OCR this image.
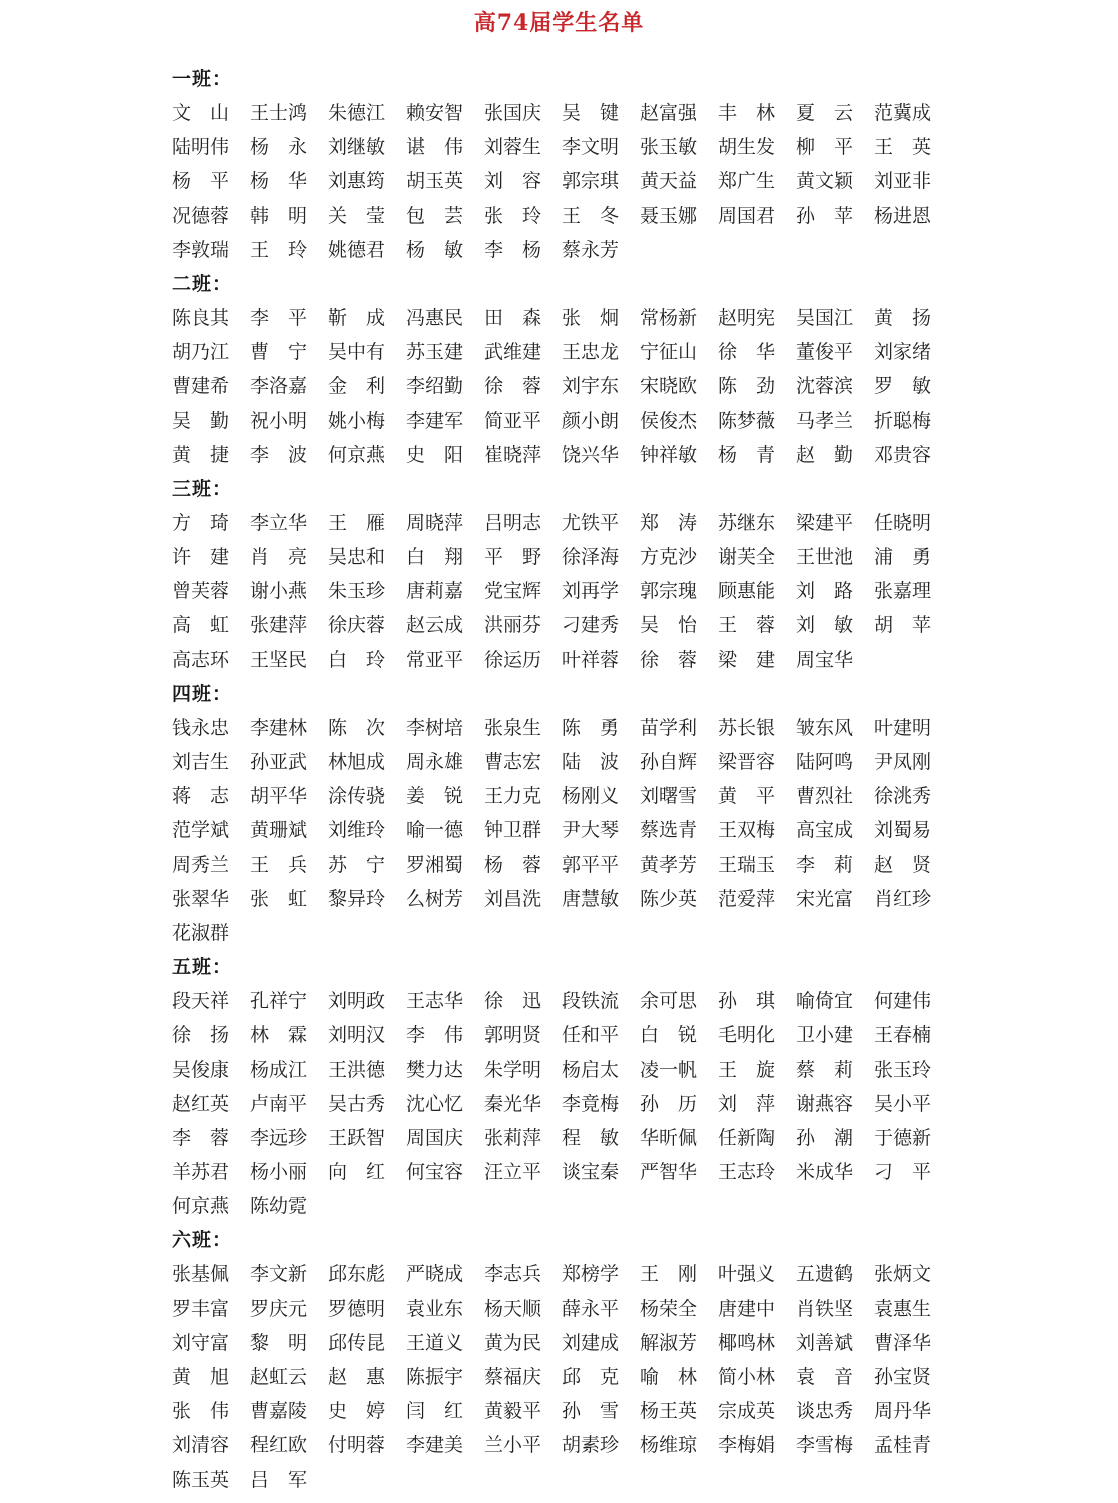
高74届学生名单
一班：
文 山	王士鸿	朱德江	赖安智	张国庆	吴 键	赵富强	丰 林	夏 云	范冀成
陆明伟	杨 永	刘继敏	谌 伟	刘蓉生	李文明	张玉敏	胡生发	柳 平	王 英
杨 平	杨 华	刘惠筠	胡玉英	刘 容	郭宗琪	黄天益	郑广生	黄文颖	刘亚非
况德蓉	韩 明	关 莹	包 芸	张 玲	王 冬	聂玉娜	周国君	孙 苹	杨进恩
李敦瑞	王 玲	姚德君	杨 敏	李 杨	蔡永芳
二班：
陈良其	李 平	靳 成	冯惠民	田 森	张 炯	常杨新	赵明宪	吴国江	黄 扬
胡乃江	曹 宁	吴中有	苏玉建	武维建	王忠龙	宁征山	徐 华	董俊平	刘家绪
曹建希	李洛嘉	金 利	李绍勤	徐 蓉	刘宇东	宋晓欧	陈 劲	沈蓉滨	罗 敏
吴 勤	祝小明	姚小梅	李建军	简亚平	颜小朗	侯俊杰	陈梦薇	马孝兰	折聪梅
黄 捷	李 波	何京燕	史 阳	崔晓萍	饶兴华	钟祥敏	杨 青	赵 勤	邓贵容
三班：
方 琦	李立华	王 雁	周晓萍	吕明志	尤铁平	郑 涛	苏继东	梁建平	任晓明
许 建	肖 亮	吴忠和	白 翔	平 野	徐泽海	方克沙	谢芙全	王世池	浦 勇
曾芙蓉	谢小燕	朱玉珍	唐莉嘉	党宝辉	刘再学	郭宗瑰	顾惠能	刘 路	张嘉理
高 虹	张建萍	徐庆蓉	赵云成	洪丽芬	刁建秀	吴 怡	王 蓉	刘 敏	胡 苹
高志环	王坚民	白 玲	常亚平	徐运历	叶祥蓉	徐 蓉	梁 建	周宝华
四班：
钱永忠	李建林	陈 次	李树培	张泉生	陈 勇	苗学利	苏长银	皱东风	叶建明
刘吉生	孙亚武	林旭成	周永雄	曹志宏	陆 波	孙自辉	梁晋容	陆阿鸣	尹凤刚
蒋 志	胡平华	涂传骁	姜 锐	王力克	杨刚义	刘曙雪	黄 平	曹烈社	徐洮秀
范学斌	黄珊斌	刘维玲	喻一德	钟卫群	尹大琴	蔡选青	王双梅	高宝成	刘蜀易
周秀兰	王 兵	苏 宁	罗湘蜀	杨 蓉	郭平平	黄孝芳	王瑞玉	李 莉	赵 贤
张翠华	张 虹	黎异玲	么树芳	刘昌洗	唐慧敏	陈少英	范爱萍	宋光富	肖红珍
花淑群
五班：
段天祥	孔祥宁	刘明政	王志华	徐 迅	段铁流	余可思	孙 琪	喻倚宜	何建伟
徐 扬	林 霖	刘明汉	李 伟	郭明贤	任和平	白 锐	毛明化	卫小建	王春楠
吴俊康	杨成江	王洪德	樊力达	朱学明	杨启太	凌一帆	王 旋	蔡 莉	张玉玲
赵红英	卢南平	吴古秀	沈心忆	秦光华	李竟梅	孙 历	刘 萍	谢燕容	吴小平
李 蓉	李远珍	王跃智	周国庆	张莉萍	程 敏	华昕佩	任新陶	孙 潮	于德新
羊苏君	杨小丽	向 红	何宝容	汪立平	谈宝秦	严智华	王志玲	米成华	刁 平
何京燕	陈幼霓
六班：
张基佩	李文新	邱东彪	严晓成	李志兵	郑榜学	王 刚	叶强义	五遗鹤	张炳文
罗丰富	罗庆元	罗德明	袁业东	杨天顺	薛永平	杨荣全	唐建中	肖铁坚	袁惠生
刘守富	黎 明	邱传昆	王道义	黄为民	刘建成	解淑芳	椰鸣林	刘善斌	曹泽华
黄 旭	赵虹云	赵 惠	陈振宇	蔡福庆	邱 克	喻 林	简小林	袁 音	孙宝贤
张 伟	曹嘉陵	史 婷	闫 红	黄毅平	孙 雪	杨王英	宗成英	谈忠秀	周丹华
刘清容	程红欧	付明蓉	李建美	兰小平	胡素珍	杨维琼	李梅娟	李雪梅	孟桂青
陈玉英	吕 军
